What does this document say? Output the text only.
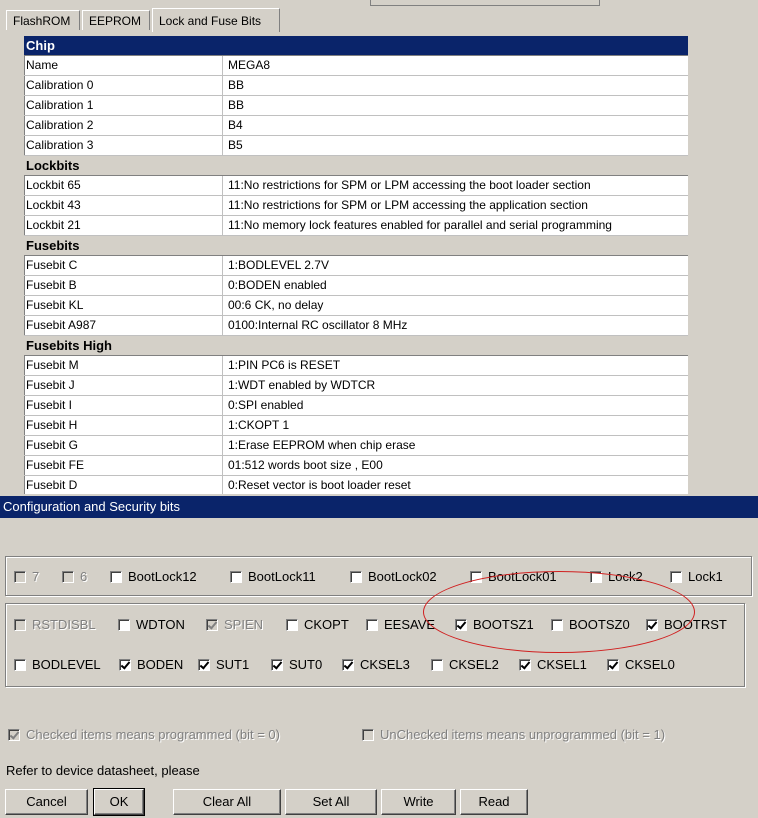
FlashROM	EEPROM	Lock and Fuse Bits
Chip
Name	MEGA8
Calibration 0	BB
Calibration 1	BB
Calibration 2	B4
Calibration 3	B5
Lockbits
Lockbit 65	11:No restrictions for SPM or LPM accessing the boot loader section
Lockbit 43	11:No restrictions for SPM or LPM accessing the application section
Lockbit 21	11:No memory lock features enabled for parallel and serial programming
Fusebits
Fusebit C	1:BODLEVEL 2.7V
Fusebit B	0:BODEN enabled
Fusebit KL	00:6 CK, no delay
Fusebit A987	0100:Internal RC oscillator 8 MHz
Fusebits High
Fusebit M	1:PIN PC6 is RESET
Fusebit J	1:WDT enabled by WDTCR
Fusebit I	0:SPI enabled
Fusebit H	1:CKOPT 1
Fusebit G	1:Erase EEPROM when chip erase
Fusebit FE	01:512 words boot size , E00
Fusebit D	0:Reset vector is boot loader reset
Configuration and Security bits
7	6	BootLock12	BootLock11	BootLock02	BootLock01	Lock2	Lock1
RSTDISBL	WDTON	SPIEN	CKOPT	EESAVE	BOOTSZ1	BOOTSZ0	BOOTRST
BODLEVEL	BODEN	SUT1	SUT0	CKSEL3	CKSEL2	CKSEL1	CKSEL0
Checked items means programmed (bit = 0)	UnChecked items means unprogrammed (bit = 1)
Refer to device datasheet, please
Cancel	OK	Clear All	Set All	Write	Read
